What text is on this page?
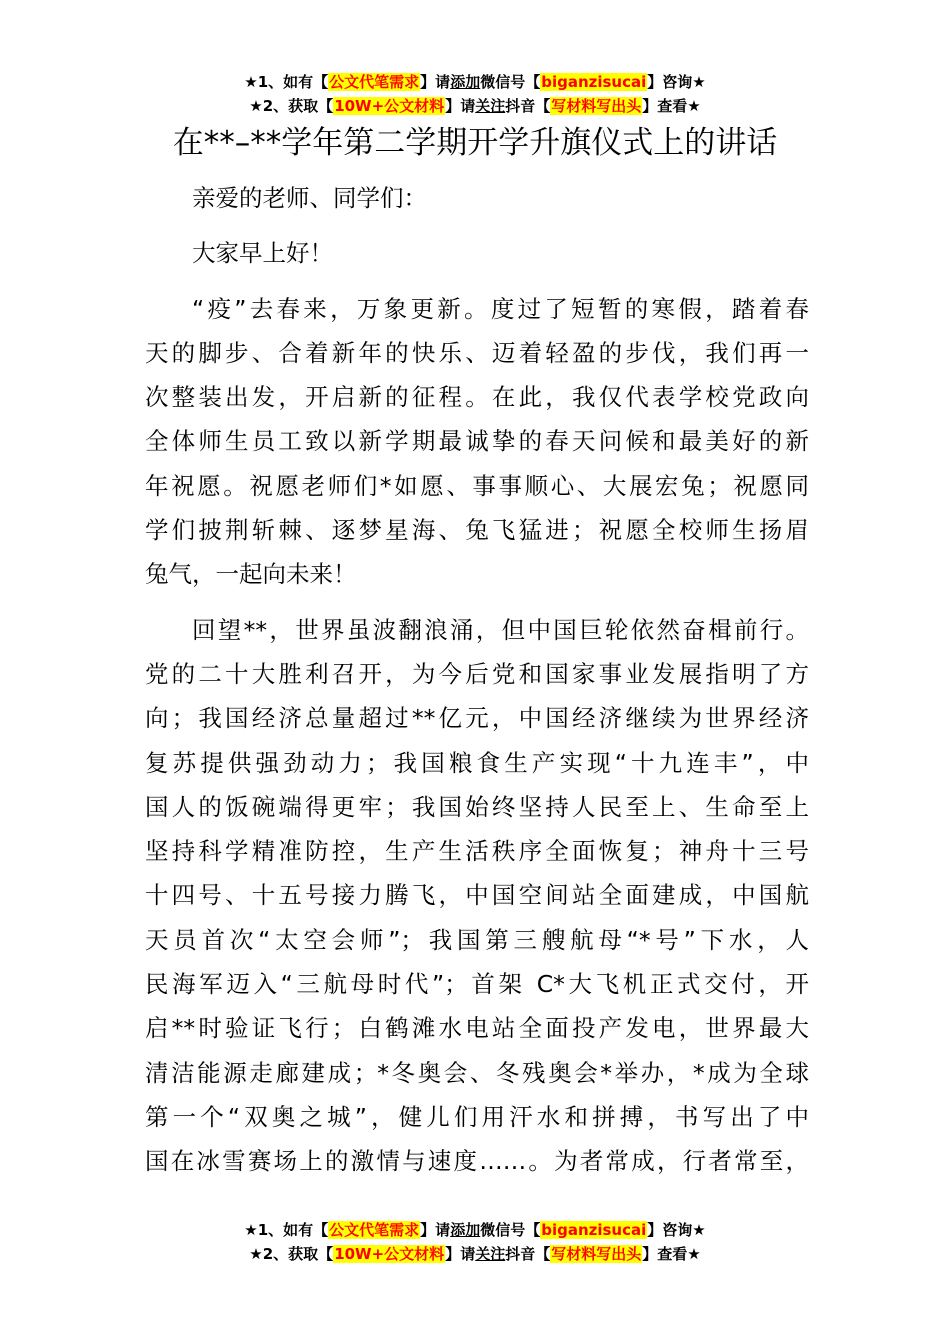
★1、如有【公文代笔需求】请添加微信号【biganzisucai】咨询★
★2、获取【10W+公文材料】请关注抖音【写材料写出头】查看★
在**–**学年第二学期开学升旗仪式上的讲话

亲爱的老师、同学们：

大家早上好！

“疫”去春来，万象更新。度过了短暂的寒假，踏着春
天的脚步、合着新年的快乐、迈着轻盈的步伐，我们再一
次整装出发，开启新的征程。在此，我仅代表学校党政向
全体师生员工致以新学期最诚挚的春天问候和最美好的新
年祝愿。祝愿老师们*如愿、事事顺心、大展宏兔；祝愿同
学们披荆斩棘、逐梦星海、兔飞猛进；祝愿全校师生扬眉
兔气，一起向未来！
回望**，世界虽波翻浪涌，但中国巨轮依然奋楫前行。
党的二十大胜利召开，为今后党和国家事业发展指明了方
向；我国经济总量超过**亿元，中国经济继续为世界经济
复苏提供强劲动力；我国粮食生产实现“十九连丰”，中
国人的饭碗端得更牢；我国始终坚持人民至上、生命至上
坚持科学精准防控，生产生活秩序全面恢复；神舟十三号
十四号、十五号接力腾飞，中国空间站全面建成，中国航
天员首次“太空会师”；我国第三艘航母“*号”下水，人
民海军迈入“三航母时代”；首架 C*大飞机正式交付，开
启**时验证飞行；白鹤滩水电站全面投产发电，世界最大
清洁能源走廊建成；*冬奥会、冬残奥会*举办，*成为全球
第一个“双奥之城”，健儿们用汗水和拼搏，书写出了中
国在冰雪赛场上的激情与速度……。为者常成，行者常至，
★1、如有【公文代笔需求】请添加微信号【biganzisucai】咨询★
★2、获取【10W+公文材料】请关注抖音【写材料写出头】查看★
